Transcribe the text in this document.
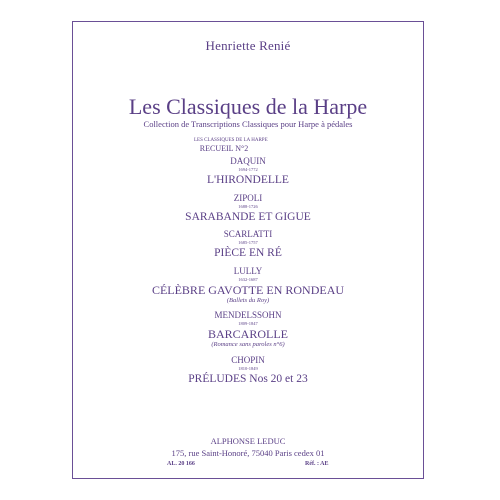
Henriette Renié
Les Classiques de la Harpe
Collection de Transcriptions Classiques pour Harpe à pédales
LES CLASSIQUES DE LA HARPE
RECUEIL N°2
DAQUIN
1694-1772
L'HIRONDELLE
ZIPOLI
1688-1726
SARABANDE ET GIGUE
SCARLATTI
1685-1757
PIÈCE EN RÉ
LULLY
1632-1687
CÉLÈBRE GAVOTTE EN RONDEAU
(Ballets du Roy)
MENDELSSOHN
1809-1847
BARCAROLLE
(Romance sans paroles n°6)
CHOPIN
1810-1849
PRÉLUDES Nos 20 et 23
ALPHONSE LEDUC
175, rue Saint-Honoré, 75040 Paris cedex 01
AL. 20 166	Réf. : AE
